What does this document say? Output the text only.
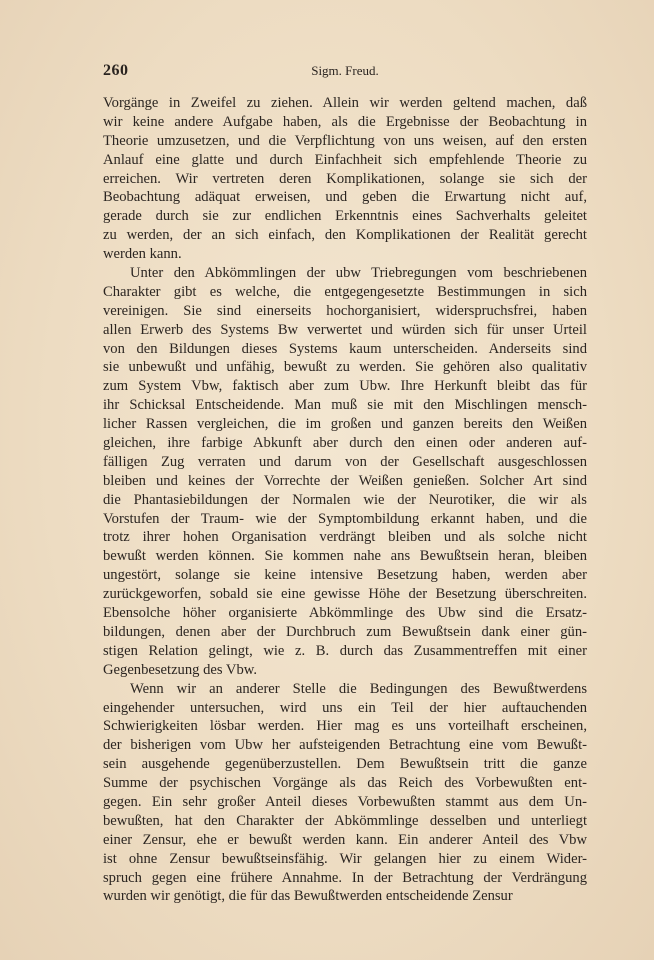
260	Sigm. Freud.
Vorgänge in Zweifel zu ziehen. Allein wir werden geltend machen, daß
wir keine andere Aufgabe haben, als die Ergebnisse der Beobachtung in
Theorie umzusetzen, und die Verpflichtung von uns weisen, auf den ersten
Anlauf eine glatte und durch Einfachheit sich empfehlende Theorie zu
erreichen. Wir vertreten deren Komplikationen, solange sie sich der
Beobachtung adäquat erweisen, und geben die Erwartung nicht auf,
gerade durch sie zur endlichen Erkenntnis eines Sachverhalts geleitet
zu werden, der an sich einfach, den Komplikationen der Realität gerecht
werden kann.
Unter den Abkömmlingen der ubw Triebregungen vom beschriebenen
Charakter gibt es welche, die entgegengesetzte Bestimmungen in sich
vereinigen. Sie sind einerseits hochorganisiert, widerspruchsfrei, haben
allen Erwerb des Systems Bw verwertet und würden sich für unser Urteil
von den Bildungen dieses Systems kaum unterscheiden. Anderseits sind
sie unbewußt und unfähig, bewußt zu werden. Sie gehören also qualitativ
zum System Vbw, faktisch aber zum Ubw. Ihre Herkunft bleibt das für
ihr Schicksal Entscheidende. Man muß sie mit den Mischlingen mensch-
licher Rassen vergleichen, die im großen und ganzen bereits den Weißen
gleichen, ihre farbige Abkunft aber durch den einen oder anderen auf-
fälligen Zug verraten und darum von der Gesellschaft ausgeschlossen
bleiben und keines der Vorrechte der Weißen genießen. Solcher Art sind
die Phantasiebildungen der Normalen wie der Neurotiker, die wir als
Vorstufen der Traum- wie der Symptombildung erkannt haben, und die
trotz ihrer hohen Organisation verdrängt bleiben und als solche nicht
bewußt werden können. Sie kommen nahe ans Bewußtsein heran, bleiben
ungestört, solange sie keine intensive Besetzung haben, werden aber
zurückgeworfen, sobald sie eine gewisse Höhe der Besetzung überschreiten.
Ebensolche höher organisierte Abkömmlinge des Ubw sind die Ersatz-
bildungen, denen aber der Durchbruch zum Bewußtsein dank einer gün-
stigen Relation gelingt, wie z. B. durch das Zusammentreffen mit einer
Gegenbesetzung des Vbw.
Wenn wir an anderer Stelle die Bedingungen des Bewußtwerdens
eingehender untersuchen, wird uns ein Teil der hier auftauchenden
Schwierigkeiten lösbar werden. Hier mag es uns vorteilhaft erscheinen,
der bisherigen vom Ubw her aufsteigenden Betrachtung eine vom Bewußt-
sein ausgehende gegenüberzustellen. Dem Bewußtsein tritt die ganze
Summe der psychischen Vorgänge als das Reich des Vorbewußten ent-
gegen. Ein sehr großer Anteil dieses Vorbewußten stammt aus dem Un-
bewußten, hat den Charakter der Abkömmlinge desselben und unterliegt
einer Zensur, ehe er bewußt werden kann. Ein anderer Anteil des Vbw
ist ohne Zensur bewußtseinsfähig. Wir gelangen hier zu einem Wider-
spruch gegen eine frühere Annahme. In der Betrachtung der Verdrängung
wurden wir genötigt, die für das Bewußtwerden entscheidende Zensur
